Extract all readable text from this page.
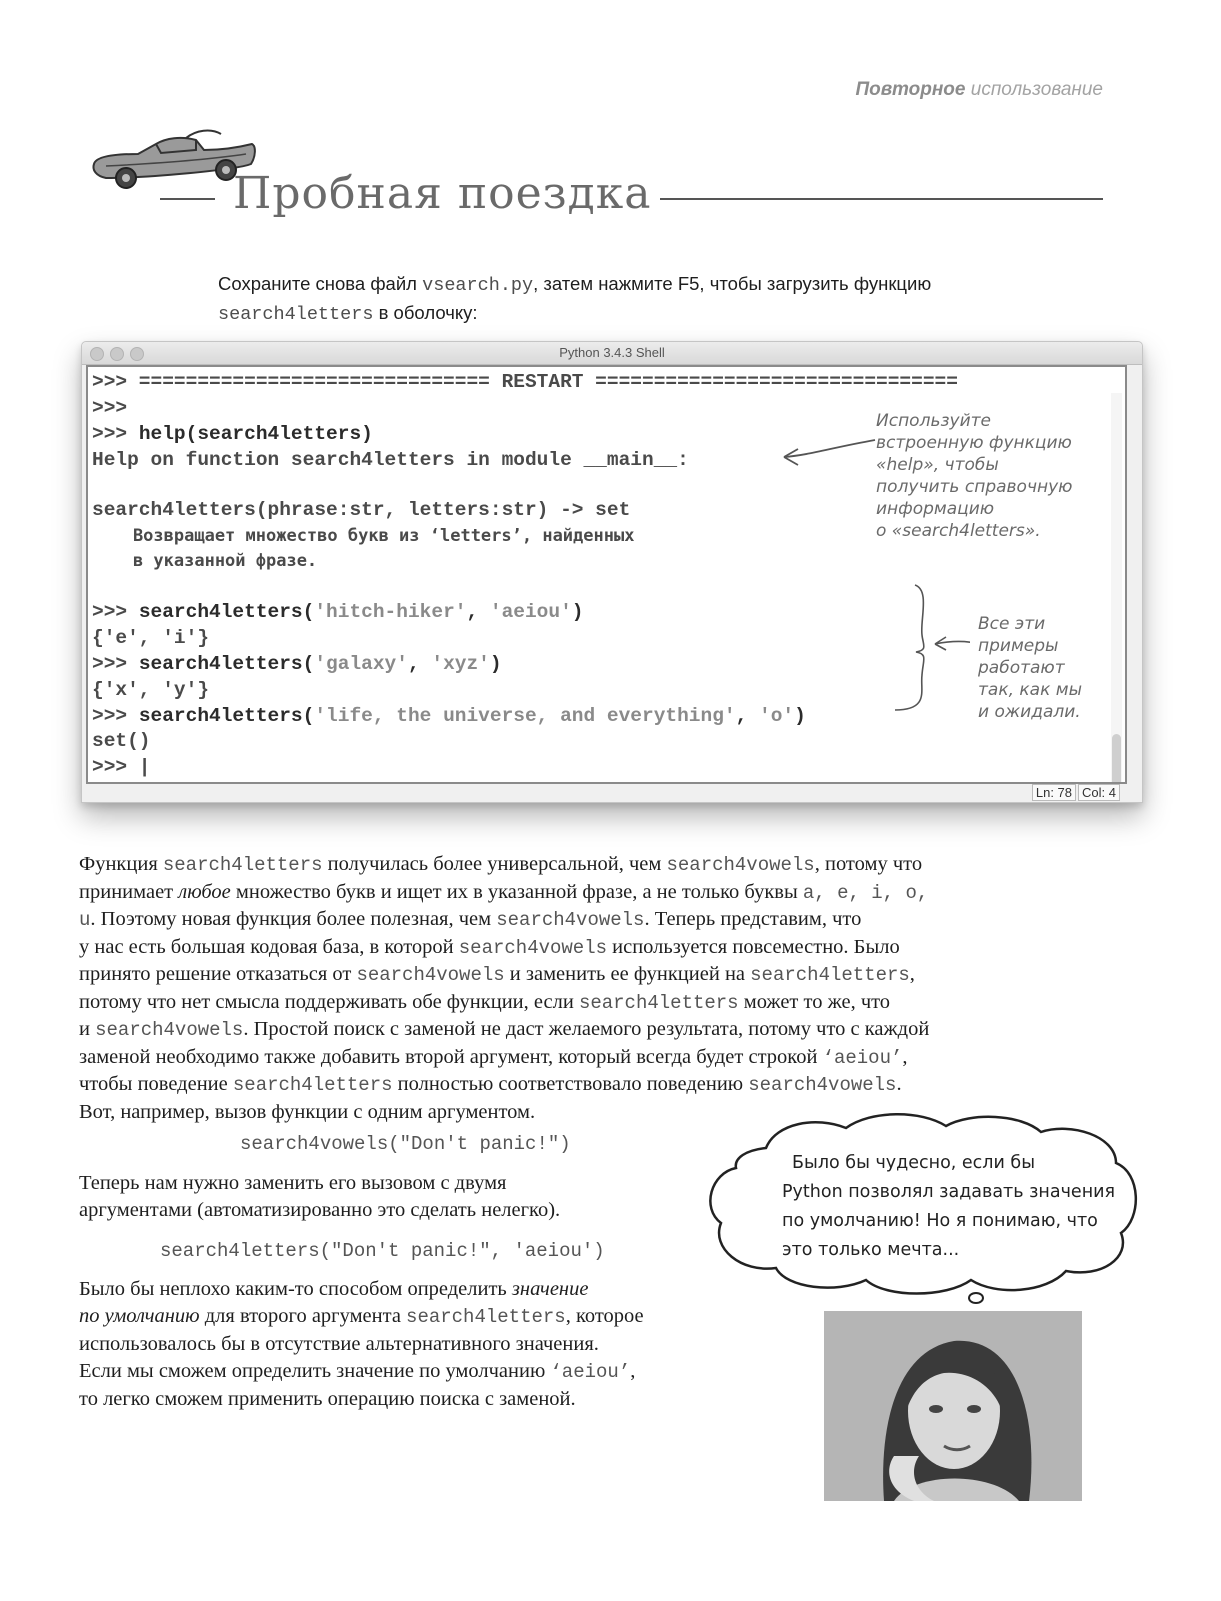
Повторное использование
Пробная поездка
Сохраните снова файл vsearch.py, затем нажмите F5, чтобы загрузить функцию
search4letters в оболочку:
Python 3.4.3 Shell
>>> ============================== RESTART ===============================
>>>
>>> help(search4letters)
Help on function search4letters in module __main__:
search4letters(phrase:str, letters:str) -> set
Возвращает множество букв из ‘letters’, найденных
в указанной фразе.
>>> search4letters('hitch-hiker', 'aeiou')
{'e', 'i'}
>>> search4letters('galaxy', 'xyz')
{'x', 'y'}
>>> search4letters('life, the universe, and everything', 'o')
set()
>>> |
Ln: 78 Col: 4
Используйте
встроенную функцию
«help», чтобы
получить справочную
информацию
о «search4letters».
Все эти
примеры
работают
так, как мы
и ожидали.

Функция search4letters получилась более универсальной, чем search4vowels, потому что

принимает любое множество букв и ищет их в указанной фразе, а не только буквы a, e, i, o,

u. Поэтому новая функция более полезная, чем search4vowels. Теперь представим, что

у нас есть большая кодовая база, в которой search4vowels используется повсеместно. Было

принято решение отказаться от search4vowels и заменить ее функцией на search4letters,

потому что нет смысла поддерживать обе функции, если search4letters может то же, что

и search4vowels. Простой поиск с заменой не даст желаемого результата, потому что с каждой

заменой необходимо также добавить второй аргумент, который всегда будет строкой ‘aeiou’,

чтобы поведение search4letters полностью соответствовало поведению search4vowels.

Вот, например, вызов функции с одним аргументом.

search4vowels("Don't panic!")
Теперь нам нужно заменить его вызовом с двумя
аргументами (автоматизированно это сделать нелегко).
search4letters("Don't panic!", 'aeiou')
Было бы неплохо каким-то способом определить значение
по умолчанию для второго аргумента search4letters, которое
использовалось бы в отсутствие альтернативного значения.
Если мы сможем определить значение по умолчанию ‘aeiou’,
то легко сможем применить операцию поиска с заменой.
Было бы чудесно, если бы
Python позволял задавать значения
по умолчанию! Но я понимаю, что
это только мечта...
